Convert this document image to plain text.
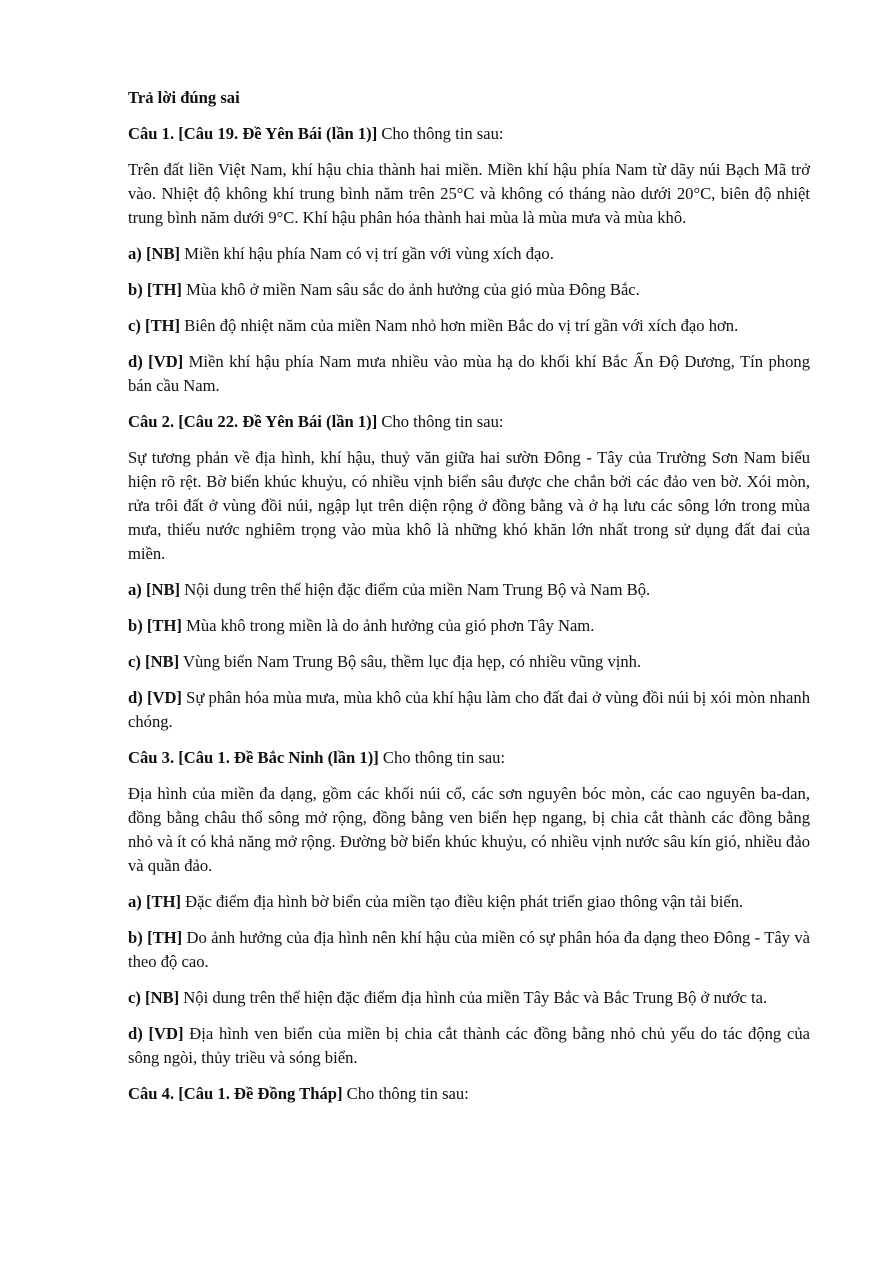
Trả lời đúng sai

Câu 1. [Câu 19. Đề Yên Bái (lần 1)] Cho thông tin sau:

Trên đất liền Việt Nam, khí hậu chia thành hai miền. Miền khí hậu phía Nam từ dãy núi Bạch Mã trở vào. Nhiệt độ không khí trung bình năm trên 25°C và không có tháng nào dưới 20°C, biên độ nhiệt trung bình năm dưới 9°C. Khí hậu phân hóa thành hai mùa là mùa mưa và mùa khô.

a) [NB] Miền khí hậu phía Nam có vị trí gần với vùng xích đạo.

b) [TH] Mùa khô ở miền Nam sâu sắc do ảnh hưởng của gió mùa Đông Bắc.

c) [TH] Biên độ nhiệt năm của miền Nam nhỏ hơn miền Bắc do vị trí gần với xích đạo hơn.

d) [VD] Miền khí hậu phía Nam mưa nhiều vào mùa hạ do khối khí Bắc Ấn Độ Dương, Tín phong bán cầu Nam.

Câu 2. [Câu 22. Đề Yên Bái (lần 1)] Cho thông tin sau:

Sự tương phản về địa hình, khí hậu, thuỷ văn giữa hai sườn Đông - Tây của Trường Sơn Nam biểu hiện rõ rệt. Bờ biển khúc khuỷu, có nhiều vịnh biển sâu được che chắn bởi các đảo ven bờ. Xói mòn, rửa trôi đất ở vùng đồi núi, ngập lụt trên diện rộng ở đồng bằng và ở hạ lưu các sông lớn trong mùa mưa, thiếu nước nghiêm trọng vào mùa khô là những khó khăn lớn nhất trong sử dụng đất đai của miền.

a) [NB] Nội dung trên thể hiện đặc điểm của miền Nam Trung Bộ và Nam Bộ.

b) [TH] Mùa khô trong miền là do ảnh hưởng của gió phơn Tây Nam.

c) [NB] Vùng biển Nam Trung Bộ sâu, thềm lục địa hẹp, có nhiều vũng vịnh.

d) [VD] Sự phân hóa mùa mưa, mùa khô của khí hậu làm cho đất đai ở vùng đồi núi bị xói mòn nhanh chóng.

Câu 3. [Câu 1. Đề Bắc Ninh (lần 1)] Cho thông tin sau:

Địa hình của miền đa dạng, gồm các khối núi cổ, các sơn nguyên bóc mòn, các cao nguyên ba-dan, đồng bằng châu thổ sông mở rộng, đồng bằng ven biển hẹp ngang, bị chia cắt thành các đồng bằng nhỏ và ít có khả năng mở rộng. Đường bờ biển khúc khuỷu, có nhiều vịnh nước sâu kín gió, nhiều đảo và quần đảo.

a) [TH] Đặc điểm địa hình bờ biển của miền tạo điều kiện phát triển giao thông vận tải biển.

b) [TH] Do ảnh hưởng của địa hình nên khí hậu của miền có sự phân hóa đa dạng theo Đông - Tây và theo độ cao.

c) [NB] Nội dung trên thể hiện đặc điểm địa hình của miền Tây Bắc và Bắc Trung Bộ ở nước ta.

d) [VD] Địa hình ven biển của miền bị chia cắt thành các đồng bằng nhỏ chủ yếu do tác động của sông ngòi, thủy triều và sóng biển.

Câu 4. [Câu 1. Đề Đồng Tháp] Cho thông tin sau:
